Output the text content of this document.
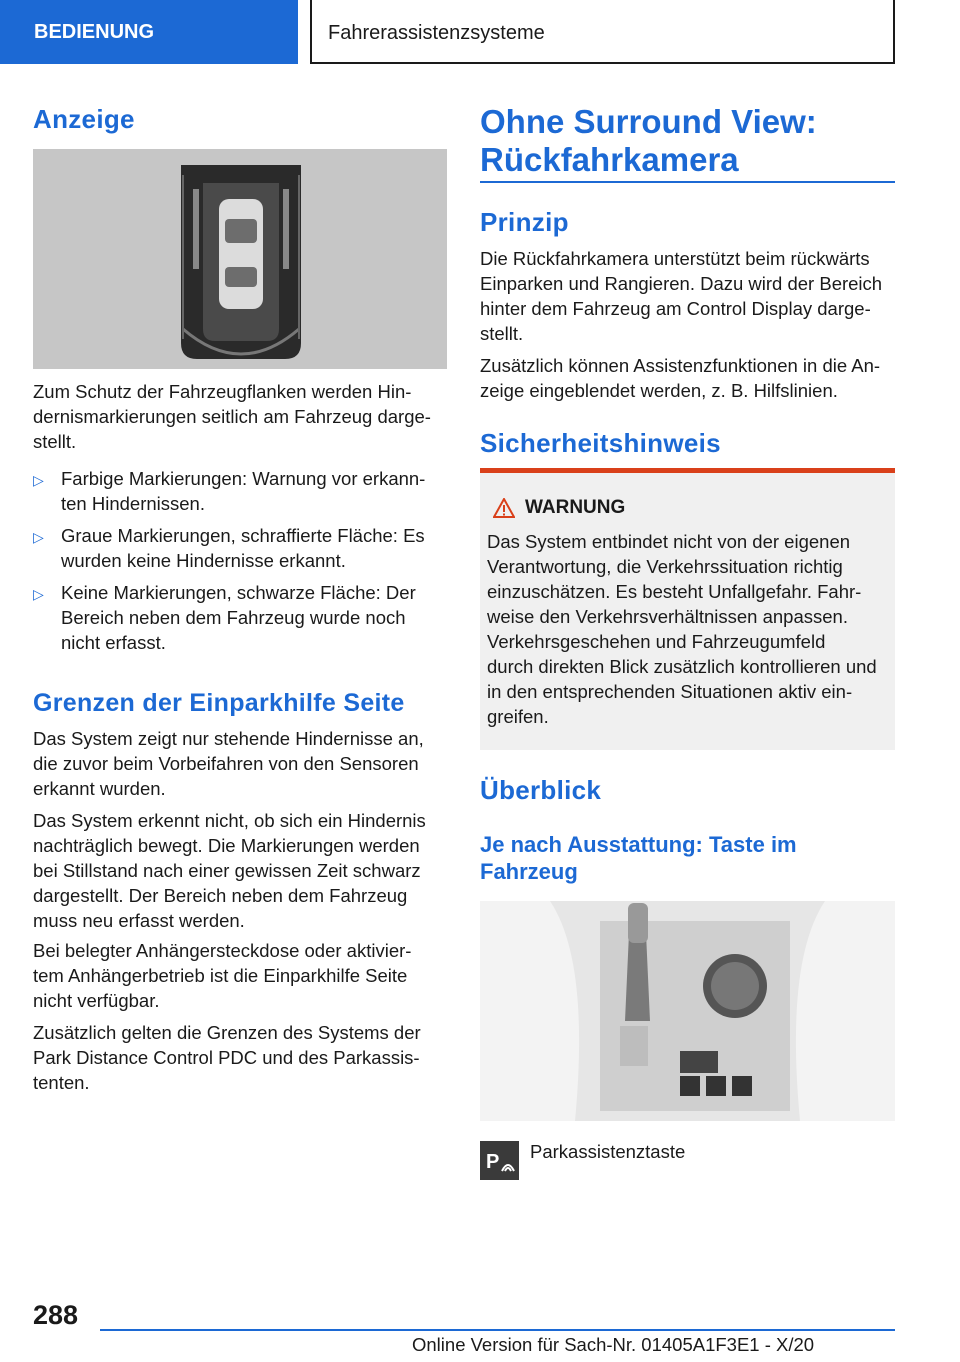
BEDIENUNG	Fahrerassistenzsysteme
Anzeige

Zum Schutz der Fahrzeugflanken werden Hin-
dernismarkierungen seitlich am Fahrzeug darge-
stellt.

▷ Farbige Markierungen: Warnung vor erkann-
ten Hindernissen.
▷ Graue Markierungen, schraffierte Fläche: Es
wurden keine Hindernisse erkannt.
▷ Keine Markierungen, schwarze Fläche: Der
Bereich neben dem Fahrzeug wurde noch
nicht erfasst.
Grenzen der Einparkhilfe Seite

Das System zeigt nur stehende Hindernisse an,
die zuvor beim Vorbeifahren von den Sensoren
erkannt wurden.

Das System erkennt nicht, ob sich ein Hindernis
nachträglich bewegt. Die Markierungen werden
bei Stillstand nach einer gewissen Zeit schwarz
dargestellt. Der Bereich neben dem Fahrzeug
muss neu erfasst werden.

Bei belegter Anhängersteckdose oder aktivier-
tem Anhängerbetrieb ist die Einparkhilfe Seite
nicht verfügbar.

Zusätzlich gelten die Grenzen des Systems der
Park Distance Control PDC und des Parkassis-
tenten.

Ohne Surround View:
Rückfahrkamera
Prinzip

Die Rückfahrkamera unterstützt beim rückwärts
Einparken und Rangieren. Dazu wird der Bereich
hinter dem Fahrzeug am Control Display darge-
stellt.

Zusätzlich können Assistenzfunktionen in die An-
zeige eingeblendet werden, z. B. Hilfslinien.

Sicherheitshinweis
WARNUNG

Das System entbindet nicht von der eigenen
Verantwortung, die Verkehrssituation richtig
einzuschätzen. Es besteht Unfallgefahr. Fahr-
weise den Verkehrsverhältnissen anpassen.
Verkehrsgeschehen und Fahrzeugumfeld
durch direkten Blick zusätzlich kontrollieren und
in den entsprechenden Situationen aktiv ein-
greifen.

Überblick
Je nach Ausstattung: Taste im
Fahrzeug
P Parkassistenztaste
288
Online Version für Sach-Nr. 01405A1F3E1 - X/20
